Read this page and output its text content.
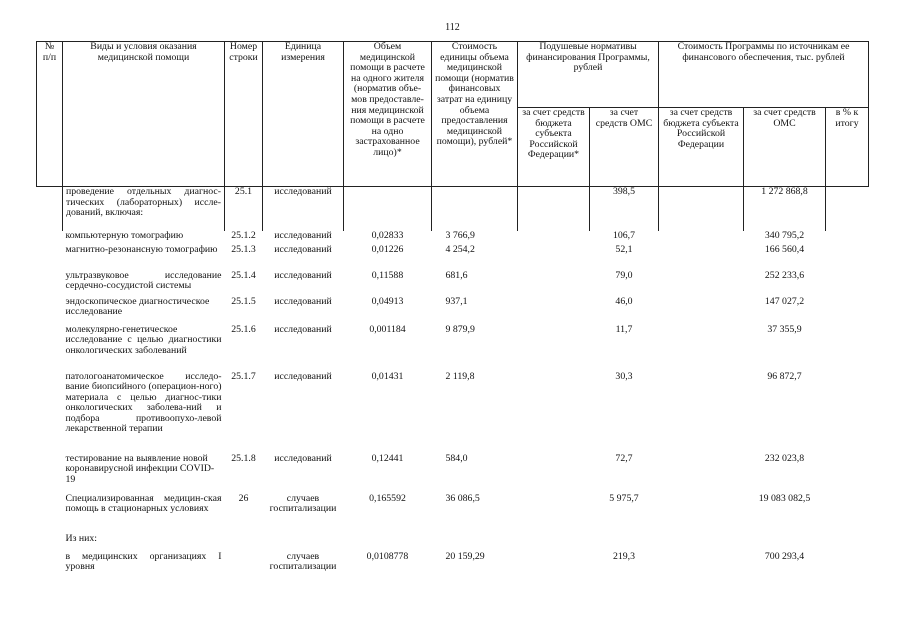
112
№
п/п	Виды и условия оказания медицинской помощи	Номер строки	Единица измерения	Объем медицинской помощи в расчете на одного жителя (норматив объе-мов предоставле-ния медицинской помощи в расчете на одно застрахованное лицо)*	Стоимость единицы объема медицинской помощи (норматив финансовых затрат на единицу объема предоставления медицинской помощи), рублей*	Подушевые нормативы финансирования Программы, рублей		Стоимость Программы по источникам ее финансового обеспечения, тыс. рублей		
						за счет средств бюджета субъекта Российской Федерации*	за счет средств ОМС	за счет средств бюджета субъекта Российской Федерации	за счет средств ОМС	в % к итогу
	проведение отдельных диагнос-тических (лабораторных) иссле-дований, включая:	25.1	исследований				398,5		1 272 868,8	
	компьютерную томографию	25.1.2	исследований	0,02833	3 766,9		106,7		340 795,2	
	магнитно-резонансную томографию	25.1.3	исследований	0,01226	4 254,2		52,1		166 560,4	
	ультразвуковое исследование сердечно-сосудистой системы	25.1.4	исследований	0,11588	681,6		79,0		252 233,6	
	эндоскопическое диагностическое исследование	25.1.5	исследований	0,04913	937,1		46,0		147 027,2	
	молекулярно-генетическое исследование с целью диагностики онкологических заболеваний	25.1.6	исследований	0,001184	9 879,9		11,7		37 355,9	
	патологоанатомическое исследо-вание биопсийного (операцион-ного) материала с целью диагнос-тики онкологических заболева-ний и подбора противоопухо-левой лекарственной терапии	25.1.7	исследований	0,01431	2 119,8		30,3		96 872,7	
	тестирование на выявление новой коронавирусной инфекции COVID-19	25.1.8	исследований	0,12441	584,0		72,7		232 023,8	
	Специализированная медицин-ская помощь в стационарных условиях	26	случаев госпитализации	0,165592	36 086,5		5 975,7		19 083 082,5	
	Из них:									
	в медицинских организациях I уровня		случаев госпитализации	0,0108778	20 159,29		219,3		700 293,4	
